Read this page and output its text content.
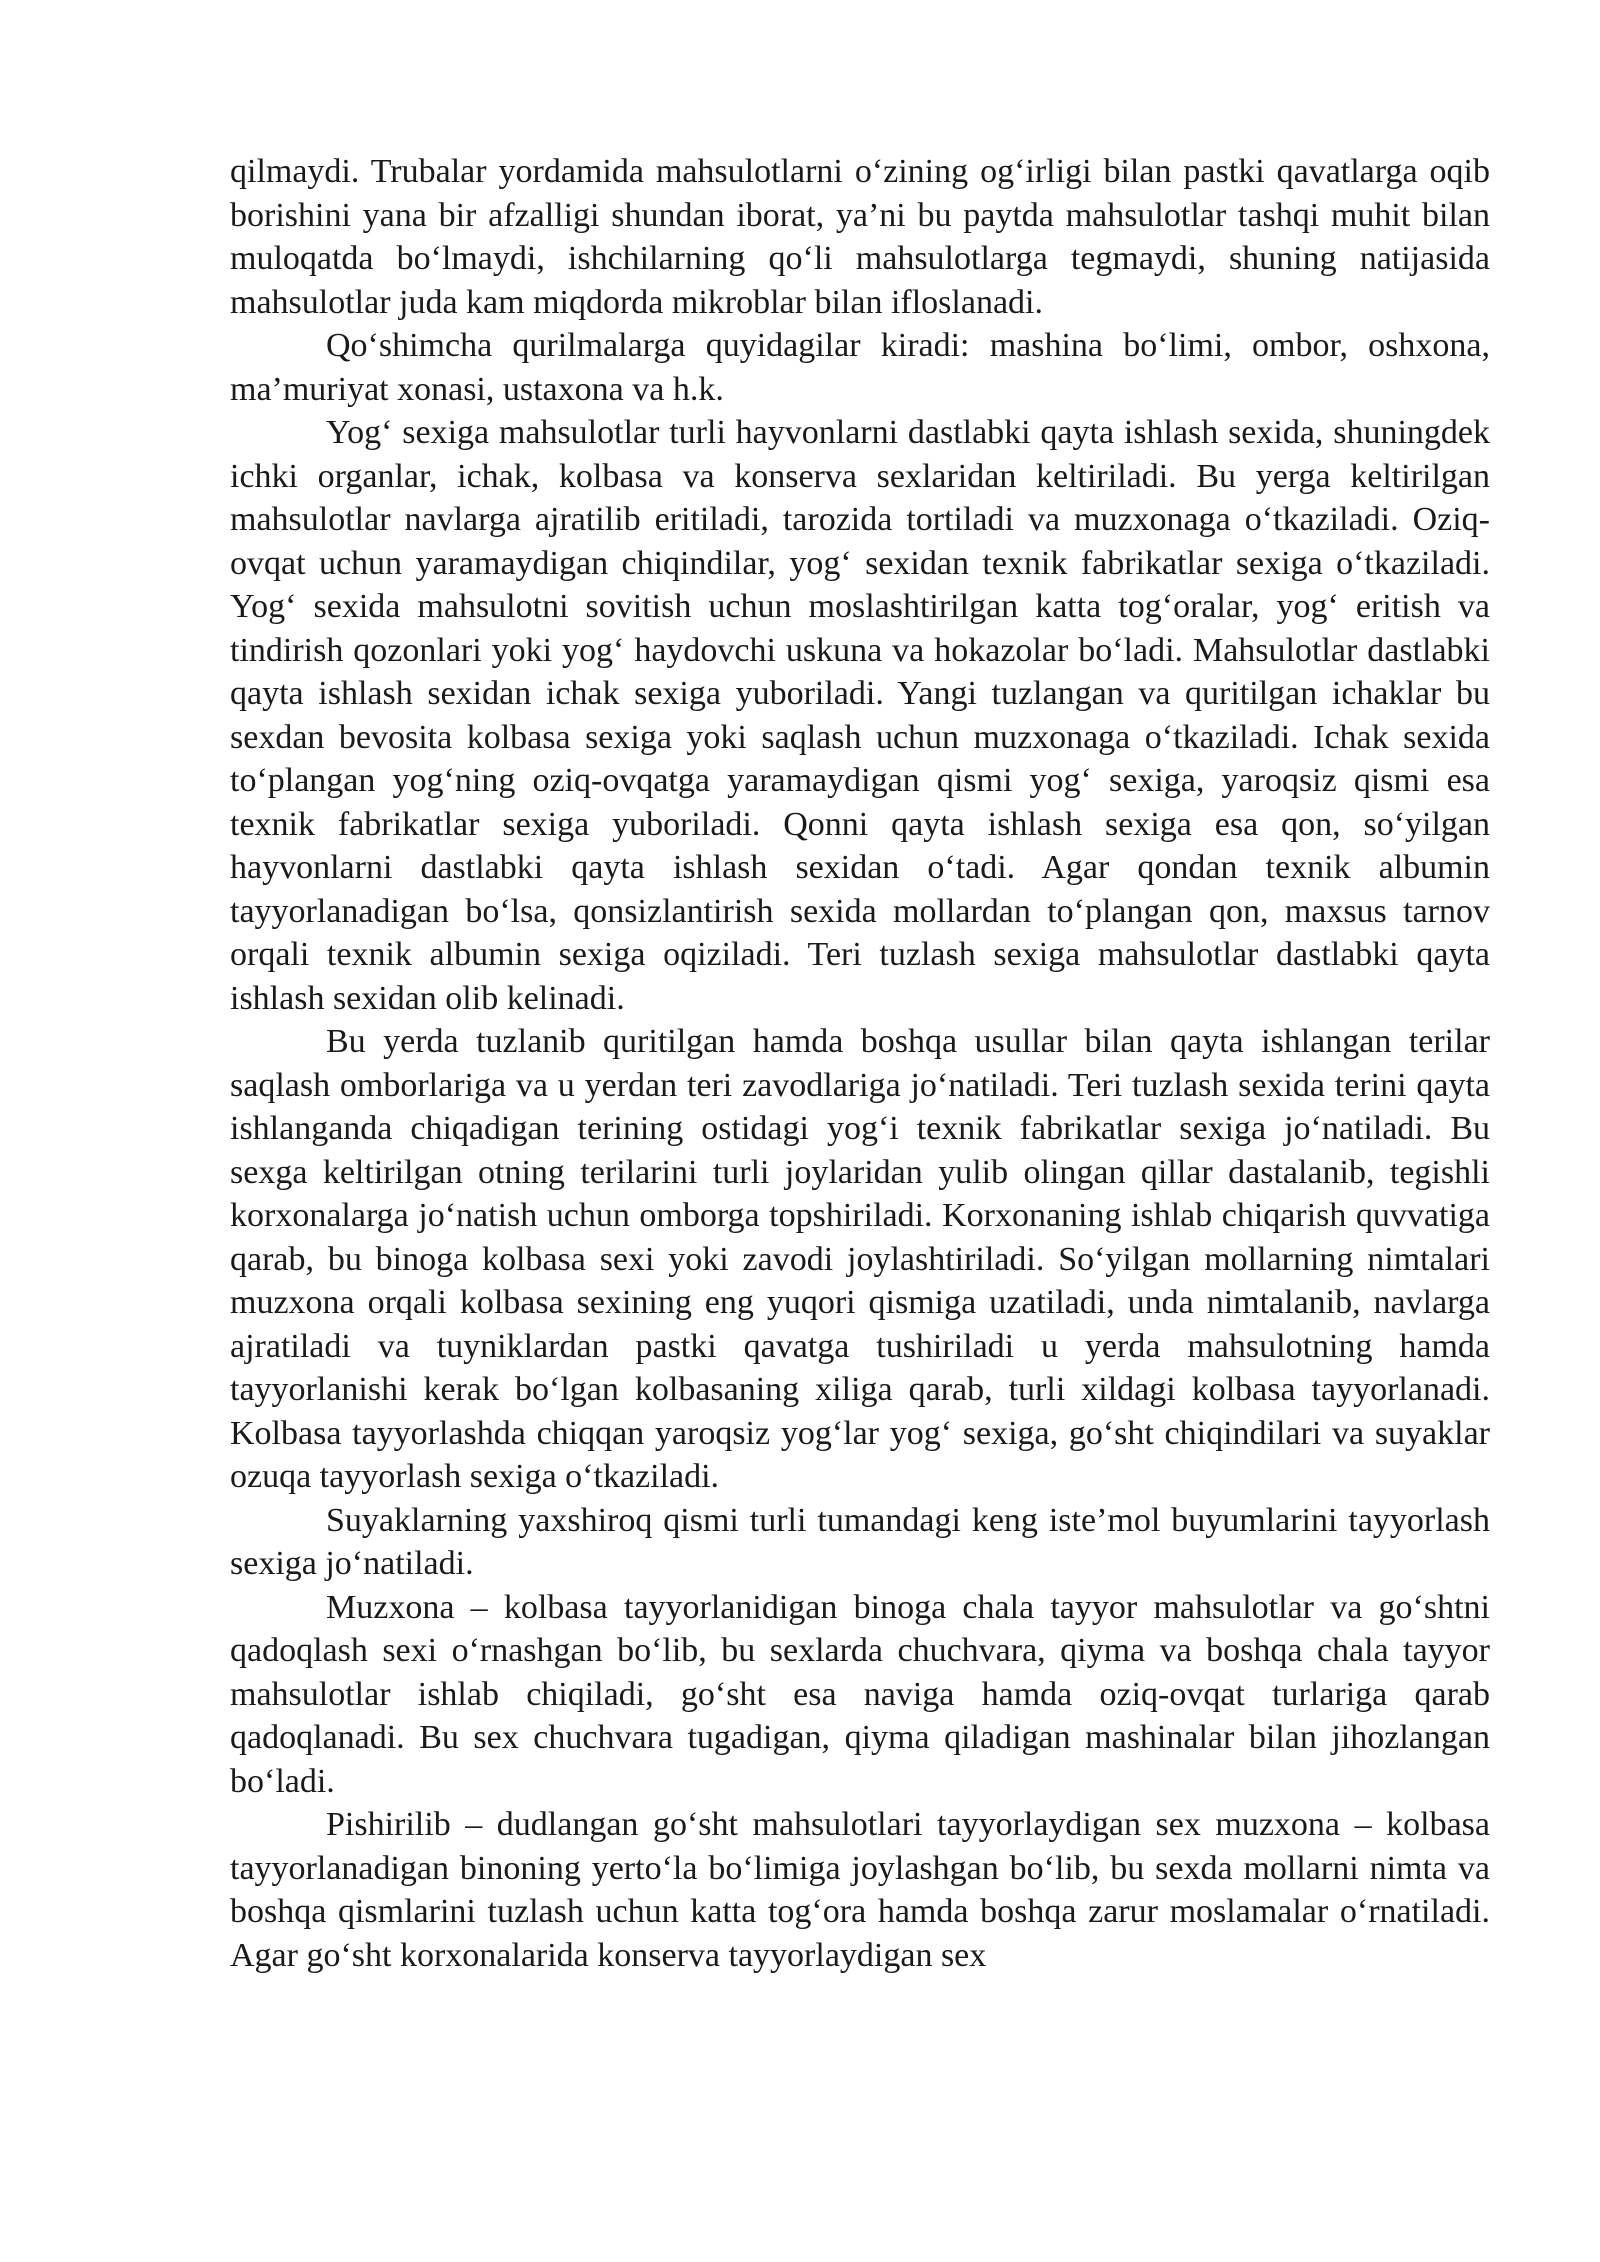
qilmaydi. Trubalar yordamida mahsulotlarni o‘zining og‘irligi bilan pastki qavatlarga oqib borishini yana bir afzalligi shundan iborat, ya’ni bu paytda mahsulotlar tashqi muhit bilan muloqatda bo‘lmaydi, ishchilarning qo‘li mahsulotlarga tegmaydi, shuning natijasida mahsulotlar juda kam miqdorda mikroblar bilan ifloslanadi.

Qo‘shimcha qurilmalarga quyidagilar kiradi: mashina bo‘limi, ombor, oshxona, ma’muriyat xonasi, ustaxona va h.k.

Yog‘ sexiga mahsulotlar turli hayvonlarni dastlabki qayta ishlash sexida, shuningdek ichki organlar, ichak, kolbasa va konserva sexlaridan keltiriladi. Bu yerga keltirilgan mahsulotlar navlarga ajratilib eritiladi, tarozida tortiladi va muzxonaga o‘tkaziladi. Oziq-ovqat uchun yaramaydigan chiqindilar, yog‘ sexidan texnik fabrikatlar sexiga o‘tkaziladi. Yog‘ sexida mahsulotni sovitish uchun moslashtirilgan katta tog‘oralar, yog‘ eritish va tindirish qozonlari yoki yog‘ haydovchi uskuna va hokazolar bo‘ladi. Mahsulotlar dastlabki qayta ishlash sexidan ichak sexiga yuboriladi. Yangi tuzlangan va quritilgan ichaklar bu sexdan bevosita kolbasa sexiga yoki saqlash uchun muzxonaga o‘tkaziladi. Ichak sexida to‘plangan yog‘ning oziq-ovqatga yaramaydigan qismi yog‘ sexiga, yaroqsiz qismi esa texnik fabrikatlar sexiga yuboriladi. Qonni qayta ishlash sexiga esa qon, so‘yilgan hayvonlarni dastlabki qayta ishlash sexidan o‘tadi. Agar qondan texnik albumin tayyorlanadigan bo‘lsa, qonsizlantirish sexida mollardan to‘plangan qon, maxsus tarnov orqali texnik albumin sexiga oqiziladi. Teri tuzlash sexiga mahsulotlar dastlabki qayta ishlash sexidan olib kelinadi.

Bu yerda tuzlanib quritilgan hamda boshqa usullar bilan qayta ishlangan terilar saqlash omborlariga va u yerdan teri zavodlariga jo‘natiladi. Teri tuzlash sexida terini qayta ishlanganda chiqadigan terining ostidagi yog‘i texnik fabrikatlar sexiga jo‘natiladi. Bu sexga keltirilgan otning terilarini turli joylaridan yulib olingan qillar dastalanib, tegishli korxonalarga jo‘natish uchun omborga topshiriladi. Korxonaning ishlab chiqarish quvvatiga qarab, bu binoga kolbasa sexi yoki zavodi joylashtiriladi. So‘yilgan mollarning nimtalari muzxona orqali kolbasa sexining eng yuqori qismiga uzatiladi, unda nimtalanib, navlarga ajratiladi va tuyniklardan pastki qavatga tushiriladi u yerda mahsulotning hamda tayyorlanishi kerak bo‘lgan kolbasaning xiliga qarab, turli xildagi kolbasa tayyorlanadi. Kolbasa tayyorlashda chiqqan yaroqsiz yog‘lar yog‘ sexiga, go‘sht chiqindilari va suyaklar ozuqa tayyorlash sexiga o‘tkaziladi.

Suyaklarning yaxshiroq qismi turli tumandagi keng iste’mol buyumlarini tayyorlash sexiga jo‘natiladi.

Muzxona – kolbasa tayyorlanidigan binoga chala tayyor mahsulotlar va go‘shtni qadoqlash sexi o‘rnashgan bo‘lib, bu sexlarda chuchvara, qiyma va boshqa chala tayyor mahsulotlar ishlab chiqiladi, go‘sht esa naviga hamda oziq-ovqat turlariga qarab qadoqlanadi. Bu sex chuchvara tugadigan, qiyma qiladigan mashinalar bilan jihozlangan bo‘ladi.

Pishirilib – dudlangan go‘sht mahsulotlari tayyorlaydigan sex muzxona – kolbasa tayyorlanadigan binoning yerto‘la bo‘limiga joylashgan bo‘lib, bu sexda mollarni nimta va boshqa qismlarini tuzlash uchun katta tog‘ora hamda boshqa zarur moslamalar o‘rnatiladi. Agar go‘sht korxonalarida konserva tayyorlaydigan sex
